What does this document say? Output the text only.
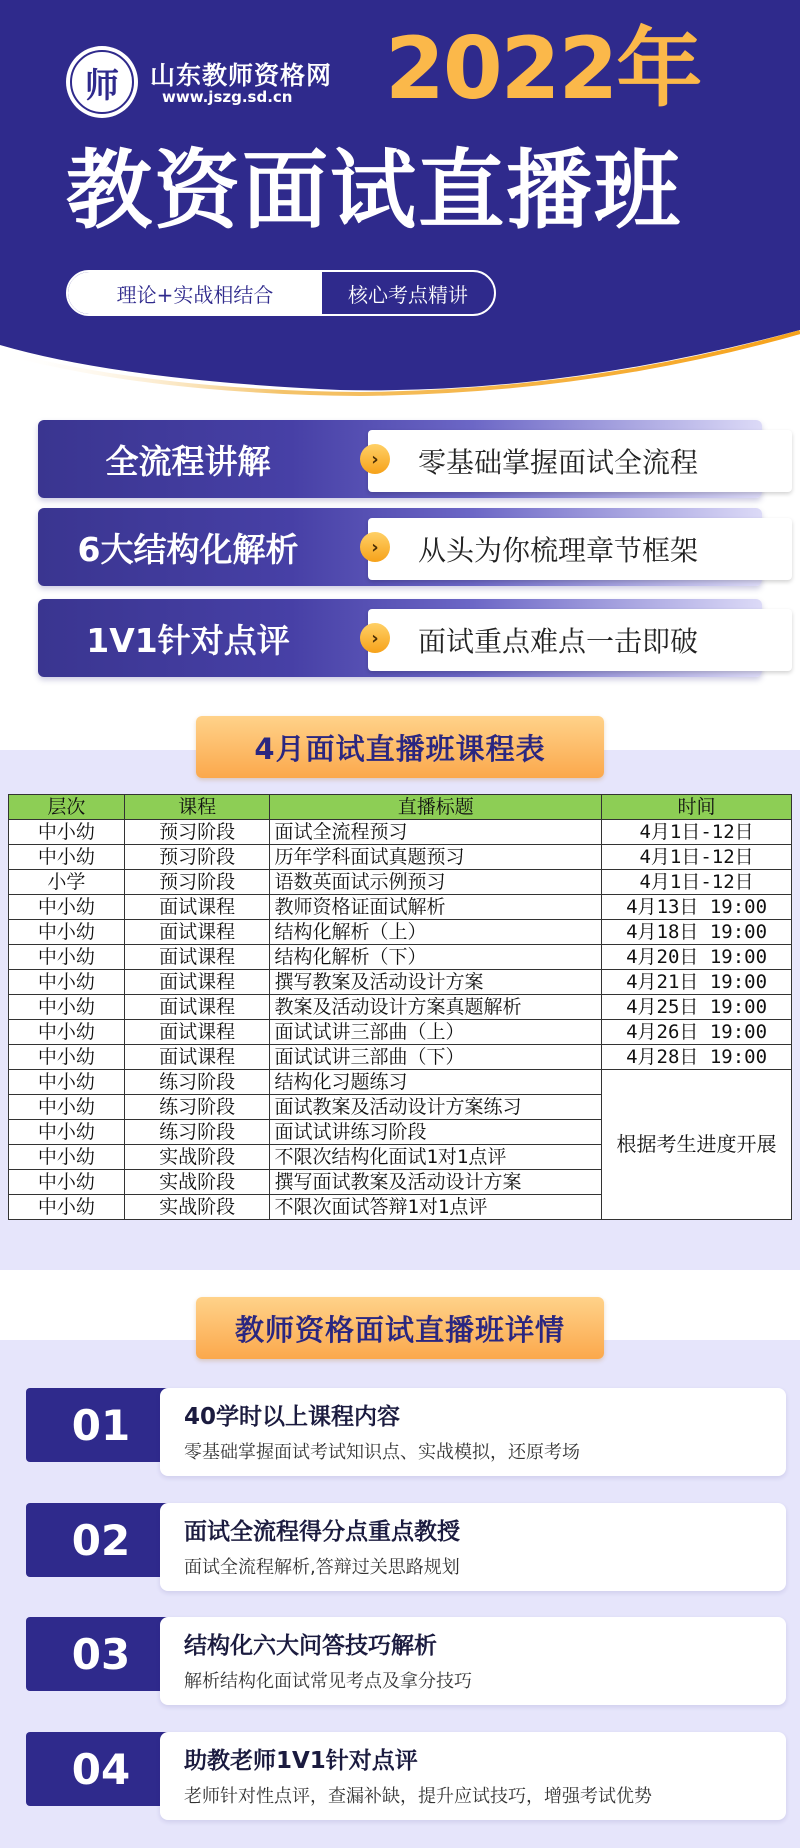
师 山东教师资格网
www.jszg.sd.cn 2022年
教资面试直播班
理论+实战相结合	核心考点精讲
全流程讲解	零基础掌握面试全流程
›
6大结构化解析	从头为你梳理章节框架
›
1V1针对点评	面试重点难点一击即破
›
4月面试直播班课程表
层次	课程	直播标题	时间
中小幼	预习阶段	面试全流程预习	4月1日-12日
中小幼	预习阶段	历年学科面试真题预习	4月1日-12日
小学	预习阶段	语数英面试示例预习	4月1日-12日
中小幼	面试课程	教师资格证面试解析	4月13日 19:00
中小幼	面试课程	结构化解析（上）	4月18日 19:00
中小幼	面试课程	结构化解析（下）	4月20日 19:00
中小幼	面试课程	撰写教案及活动设计方案	4月21日 19:00
中小幼	面试课程	教案及活动设计方案真题解析	4月25日 19:00
中小幼	面试课程	面试试讲三部曲（上）	4月26日 19:00
中小幼	面试课程	面试试讲三部曲（下）	4月28日 19:00
中小幼	练习阶段	结构化习题练习	根据考生进度开展
中小幼	练习阶段	面试教案及活动设计方案练习	
中小幼	练习阶段	面试试讲练习阶段	
中小幼	实战阶段	不限次结构化面试1对1点评	
中小幼	实战阶段	撰写面试教案及活动设计方案	
中小幼	实战阶段	不限次面试答辩1对1点评	
教师资格面试直播班详情
01	40学时以上课程内容
零基础掌握面试考试知识点、实战模拟，还原考场
02	面试全流程得分点重点教授
面试全流程解析,答辩过关思路规划
03	结构化六大问答技巧解析
解析结构化面试常见考点及拿分技巧
04	助教老师1V1针对点评
老师针对性点评，查漏补缺，提升应试技巧，增强考试优势
